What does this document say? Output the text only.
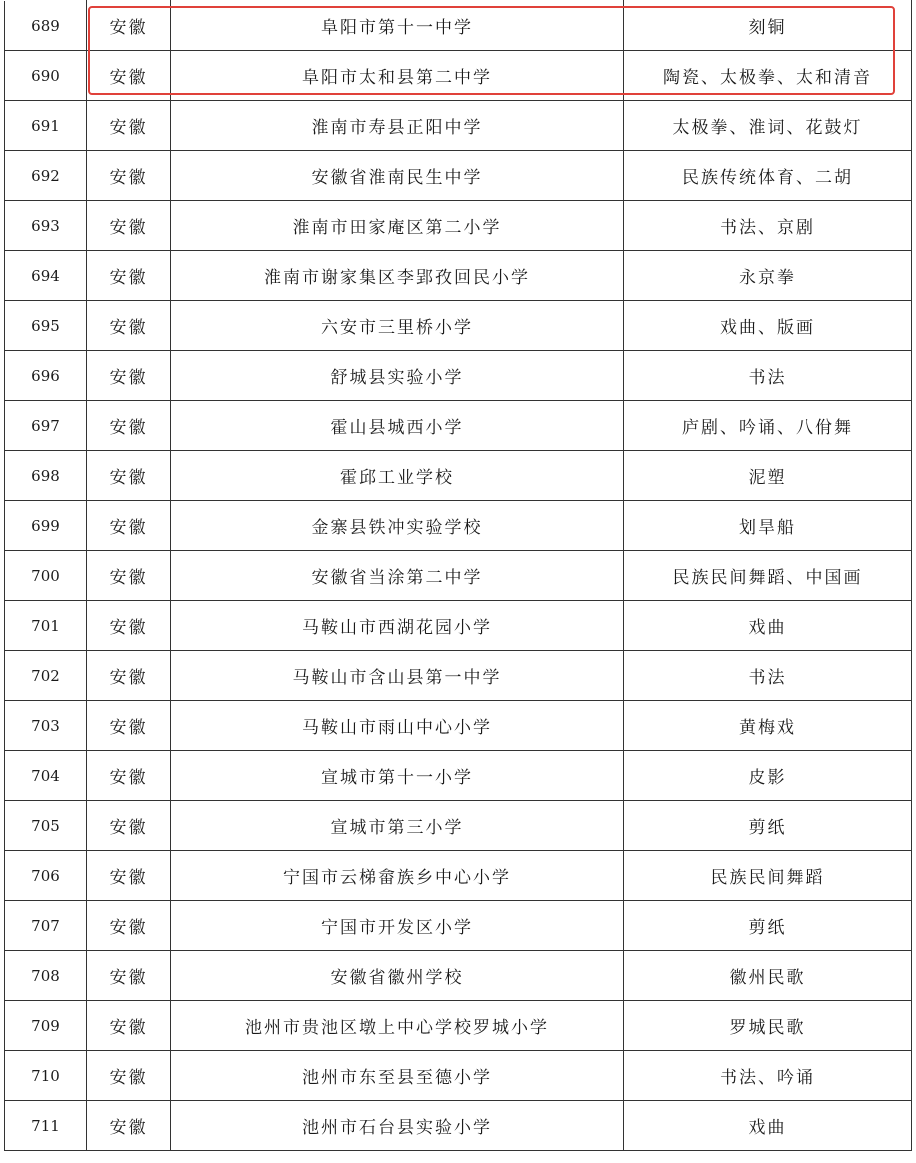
689	安徽	阜阳市第十一中学	刻铜
690	安徽	阜阳市太和县第二中学	陶瓷、太极拳、太和清音
691	安徽	淮南市寿县正阳中学	太极拳、淮词、花鼓灯
692	安徽	安徽省淮南民生中学	民族传统体育、二胡
693	安徽	淮南市田家庵区第二小学	书法、京剧
694	安徽	淮南市谢家集区李郢孜回民小学	永京拳
695	安徽	六安市三里桥小学	戏曲、版画
696	安徽	舒城县实验小学	书法
697	安徽	霍山县城西小学	庐剧、吟诵、八佾舞
698	安徽	霍邱工业学校	泥塑
699	安徽	金寨县铁冲实验学校	划旱船
700	安徽	安徽省当涂第二中学	民族民间舞蹈、中国画
701	安徽	马鞍山市西湖花园小学	戏曲
702	安徽	马鞍山市含山县第一中学	书法
703	安徽	马鞍山市雨山中心小学	黄梅戏
704	安徽	宣城市第十一小学	皮影
705	安徽	宣城市第三小学	剪纸
706	安徽	宁国市云梯畲族乡中心小学	民族民间舞蹈
707	安徽	宁国市开发区小学	剪纸
708	安徽	安徽省徽州学校	徽州民歌
709	安徽	池州市贵池区墩上中心学校罗城小学	罗城民歌
710	安徽	池州市东至县至德小学	书法、吟诵
711	安徽	池州市石台县实验小学	戏曲
